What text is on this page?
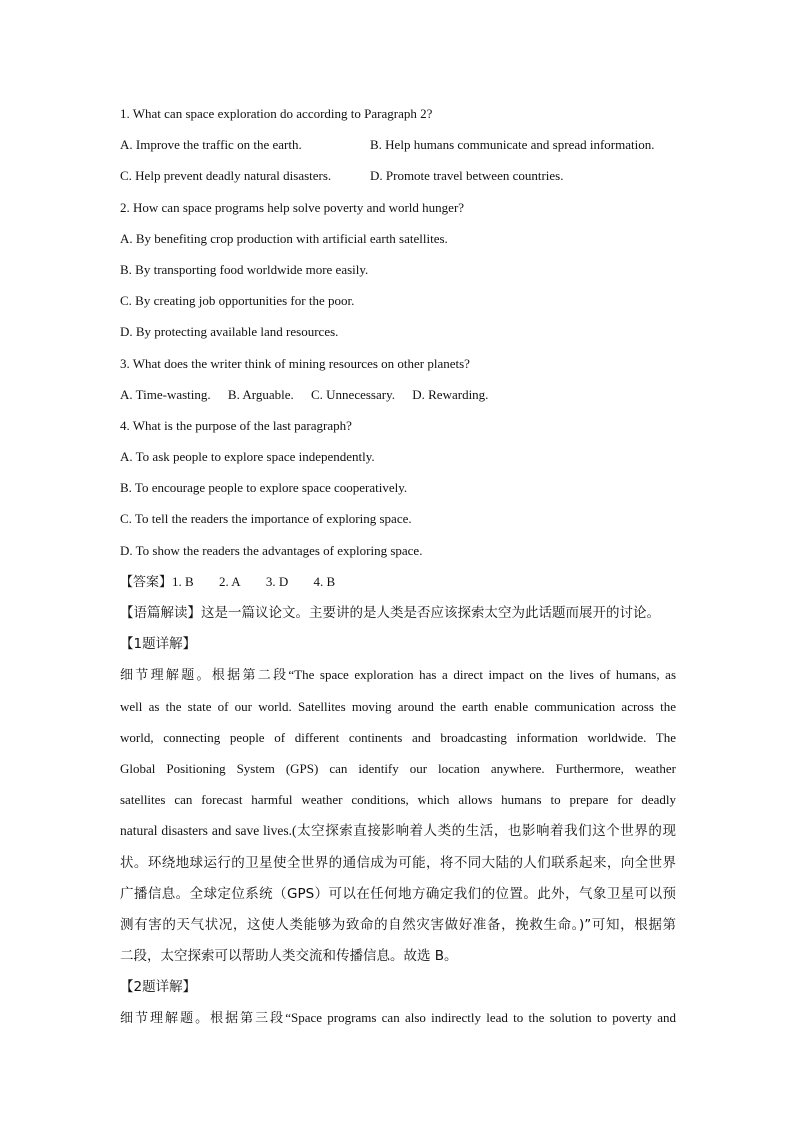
1. What can space exploration do according to Paragraph 2?
A. Improve the traffic on the earth.	B. Help humans communicate and spread information.
C. Help prevent deadly natural disasters.	D. Promote travel between countries.
2. How can space programs help solve poverty and world hunger?
A. By benefiting crop production with artificial earth satellites.
B. By transporting food worldwide more easily.
C. By creating job opportunities for the poor.
D. By protecting available land resources.
3. What does the writer think of mining resources on other planets?
A. Time-wasting. B. Arguable. C. Unnecessary. D. Rewarding.
4. What is the purpose of the last paragraph?
A. To ask people to explore space independently.
B. To encourage people to explore space cooperatively.
C. To tell the readers the importance of exploring space.
D. To show the readers the advantages of exploring space.
【答案】1. B 2. A 3. D 4. B
【语篇解读】这是一篇议论文。主要讲的是人类是否应该探索太空为此话题而展开的讨论。
【1题详解】
细节理解题。根据第二段“The space exploration has a direct impact on the lives of humans, as
well as the state of our world. Satellites moving around the earth enable communication across the
world, connecting people of different continents and broadcasting information worldwide. The
Global Positioning System (GPS) can identify our location anywhere. Furthermore, weather
satellites can forecast harmful weather conditions, which allows humans to prepare for deadly
natural disasters and save lives.(太空探索直接影响着人类的生活，也影响着我们这个世界的现
状。环绕地球运行的卫星使全世界的通信成为可能，将不同大陆的人们联系起来，向全世界
广播信息。全球定位系统（GPS）可以在任何地方确定我们的位置。此外，气象卫星可以预
测有害的天气状况，这使人类能够为致命的自然灾害做好准备，挽救生命。)”可知，根据第
二段，太空探索可以帮助人类交流和传播信息。故选 B。
【2题详解】
细节理解题。根据第三段“Space programs can also indirectly lead to the solution to poverty and
